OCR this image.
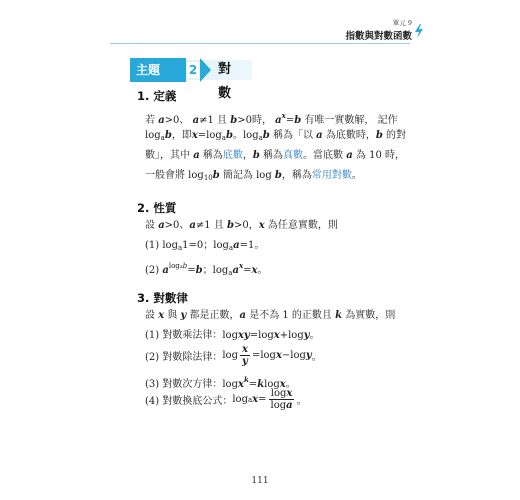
單元 9
指數與對數函數
主題	2 對數
1. 定義
若 a>0、 a≠1 且 b>0時， $a^x=b$ 有唯一實數解， 記作
$\log_ab$，即$x=\log_ab$。$\log_ab$ 稱為「以 a 為底數時，b 的對
數」，其中 a 稱為底數，b 稱為真數。當底數 a 為 10 時，
一般會將 $\log_{10}b$ 簡記為 log b，稱為常用對數。
2. 性質
設 a>0、a≠1 且 b>0，x 為任意實數，則
(1) $\log_a1=0$；$\log_aa=1$。
(2) $a^{logab}=b$；$\log_aa^x=x$。
3. 對數律
設 x 與 y 都是正數，a 是不為 1 的正數且 k 為實數，則
(1) 對數乘法律：logxy=logx+logy。
(2) 對數除法律： $\log \frac{x}{y} =\log$ x −log y 。
(3) 對數次方律：logx$^k$=klogx。
(4) 對數換底公式： log a $x = \frac{\log x}{\log a}$ 。
111
